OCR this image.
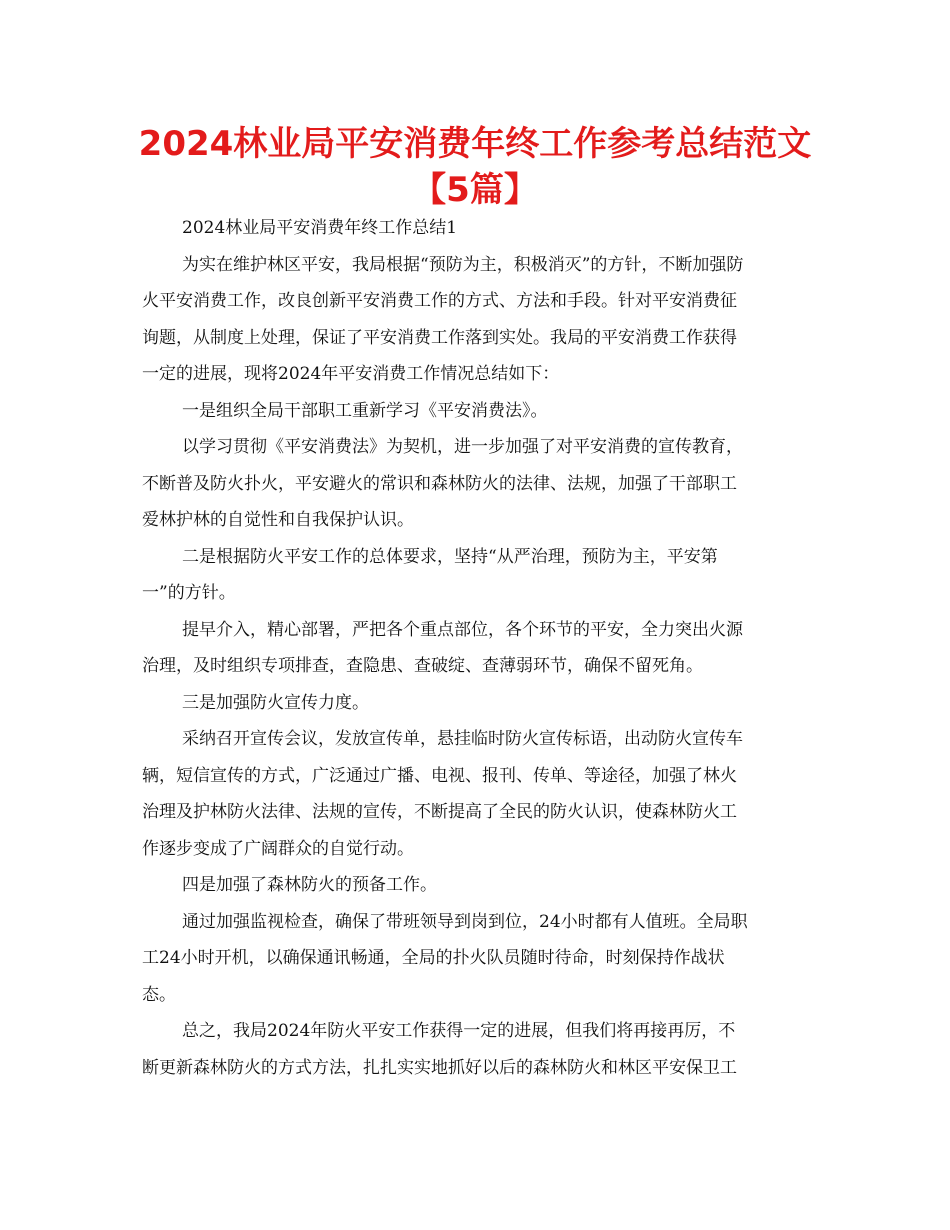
2024林业局平安消费年终工作参考总结范文
【5篇】
2024林业局平安消费年终工作总结1
为实在维护林区平安，我局根据“预防为主，积极消灭”的方针，不断加强防
火平安消费工作，改良创新平安消费工作的方式、方法和手段。针对平安消费征
询题，从制度上处理，保证了平安消费工作落到实处。我局的平安消费工作获得
一定的进展，现将2024年平安消费工作情况总结如下：
一是组织全局干部职工重新学习《平安消费法》。
以学习贯彻《平安消费法》为契机，进一步加强了对平安消费的宣传教育，
不断普及防火扑火，平安避火的常识和森林防火的法律、法规，加强了干部职工
爱林护林的自觉性和自我保护认识。
二是根据防火平安工作的总体要求，坚持“从严治理，预防为主，平安第
一”的方针。
提早介入，精心部署，严把各个重点部位，各个环节的平安，全力突出火源
治理，及时组织专项排查，查隐患、查破绽、查薄弱环节，确保不留死角。
三是加强防火宣传力度。
采纳召开宣传会议，发放宣传单，悬挂临时防火宣传标语，出动防火宣传车
辆，短信宣传的方式，广泛通过广播、电视、报刊、传单、等途径，加强了林火
治理及护林防火法律、法规的宣传，不断提高了全民的防火认识，使森林防火工
作逐步变成了广阔群众的自觉行动。
四是加强了森林防火的预备工作。
通过加强监视检查，确保了带班领导到岗到位，24小时都有人值班。全局职
工24小时开机，以确保通讯畅通，全局的扑火队员随时待命，时刻保持作战状
态。
总之，我局2024年防火平安工作获得一定的进展，但我们将再接再厉，不
断更新森林防火的方式方法，扎扎实实地抓好以后的森林防火和林区平安保卫工
